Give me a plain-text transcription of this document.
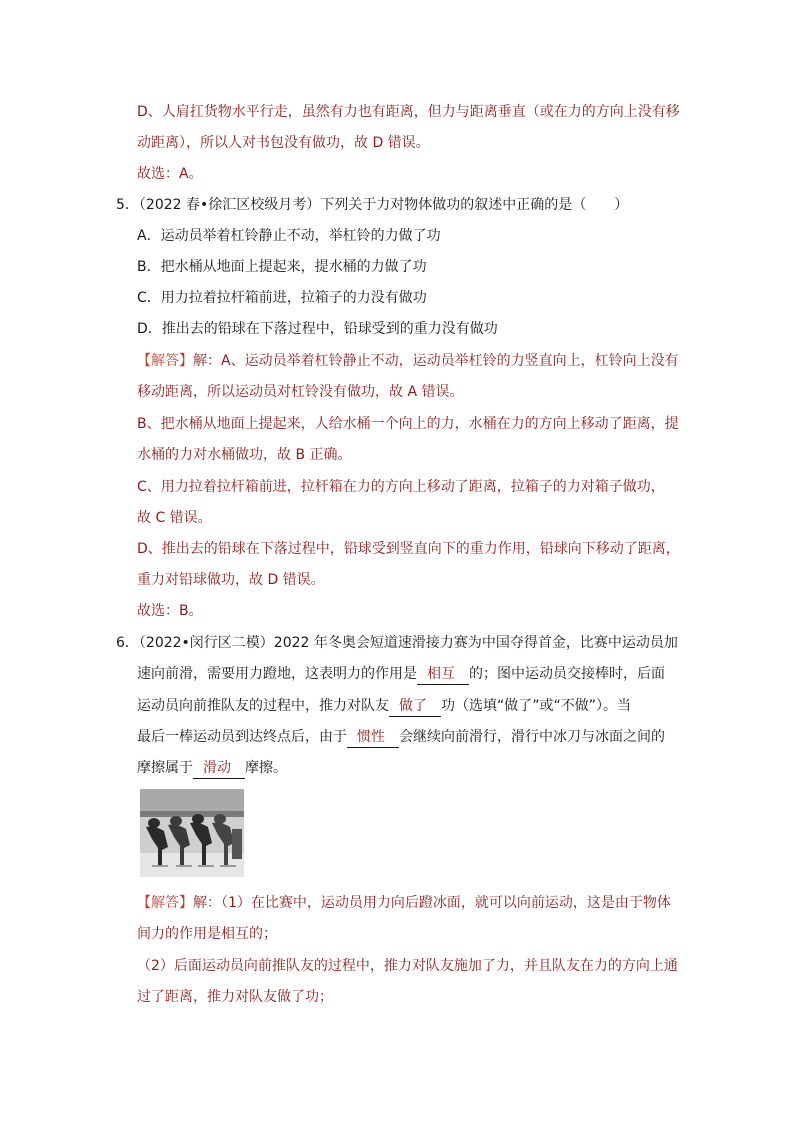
D、人肩扛货物水平行走，虽然有力也有距离，但力与距离垂直（或在力的方向上没有移
动距离），所以人对书包没有做功，故 D 错误。
故选：A。
5．（2022 春•徐汇区校级月考）下列关于力对物体做功的叙述中正确的是（　　）
A．运动员举着杠铃静止不动，举杠铃的力做了功
B．把水桶从地面上提起来，提水桶的力做了功
C．用力拉着拉杆箱前进，拉箱子的力没有做功
D．推出去的铅球在下落过程中，铅球受到的重力没有做功
【解答】解：A、运动员举着杠铃静止不动，运动员举杠铃的力竖直向上，杠铃向上没有
移动距离，所以运动员对杠铃没有做功，故 A 错误。
B、把水桶从地面上提起来，人给水桶一个向上的力，水桶在力的方向上移动了距离，提
水桶的力对水桶做功，故 B 正确。
C、用力拉着拉杆箱前进，拉杆箱在力的方向上移动了距离，拉箱子的力对箱子做功，
故 C 错误。
D、推出去的铅球在下落过程中，铅球受到竖直向下的重力作用，铅球向下移动了距离，
重力对铅球做功，故 D 错误。
故选：B。
6．（2022•闵行区二模）2022 年冬奥会短道速滑接力赛为中国夺得首金，比赛中运动员加
速向前滑，需要用力蹬地，这表明力的作用是 相互 的；图中运动员交接棒时，后面
运动员向前推队友的过程中，推力对队友 做了 功（选填“做了”或“不做”）。当
最后一棒运动员到达终点后，由于 惯性 会继续向前滑行，滑行中冰刀与冰面之间的
摩擦属于 滑动 摩擦。
【解答】解：（1）在比赛中，运动员用力向后蹬冰面，就可以向前运动，这是由于物体
间力的作用是相互的；
（2）后面运动员向前推队友的过程中，推力对队友施加了力，并且队友在力的方向上通
过了距离，推力对队友做了功；
